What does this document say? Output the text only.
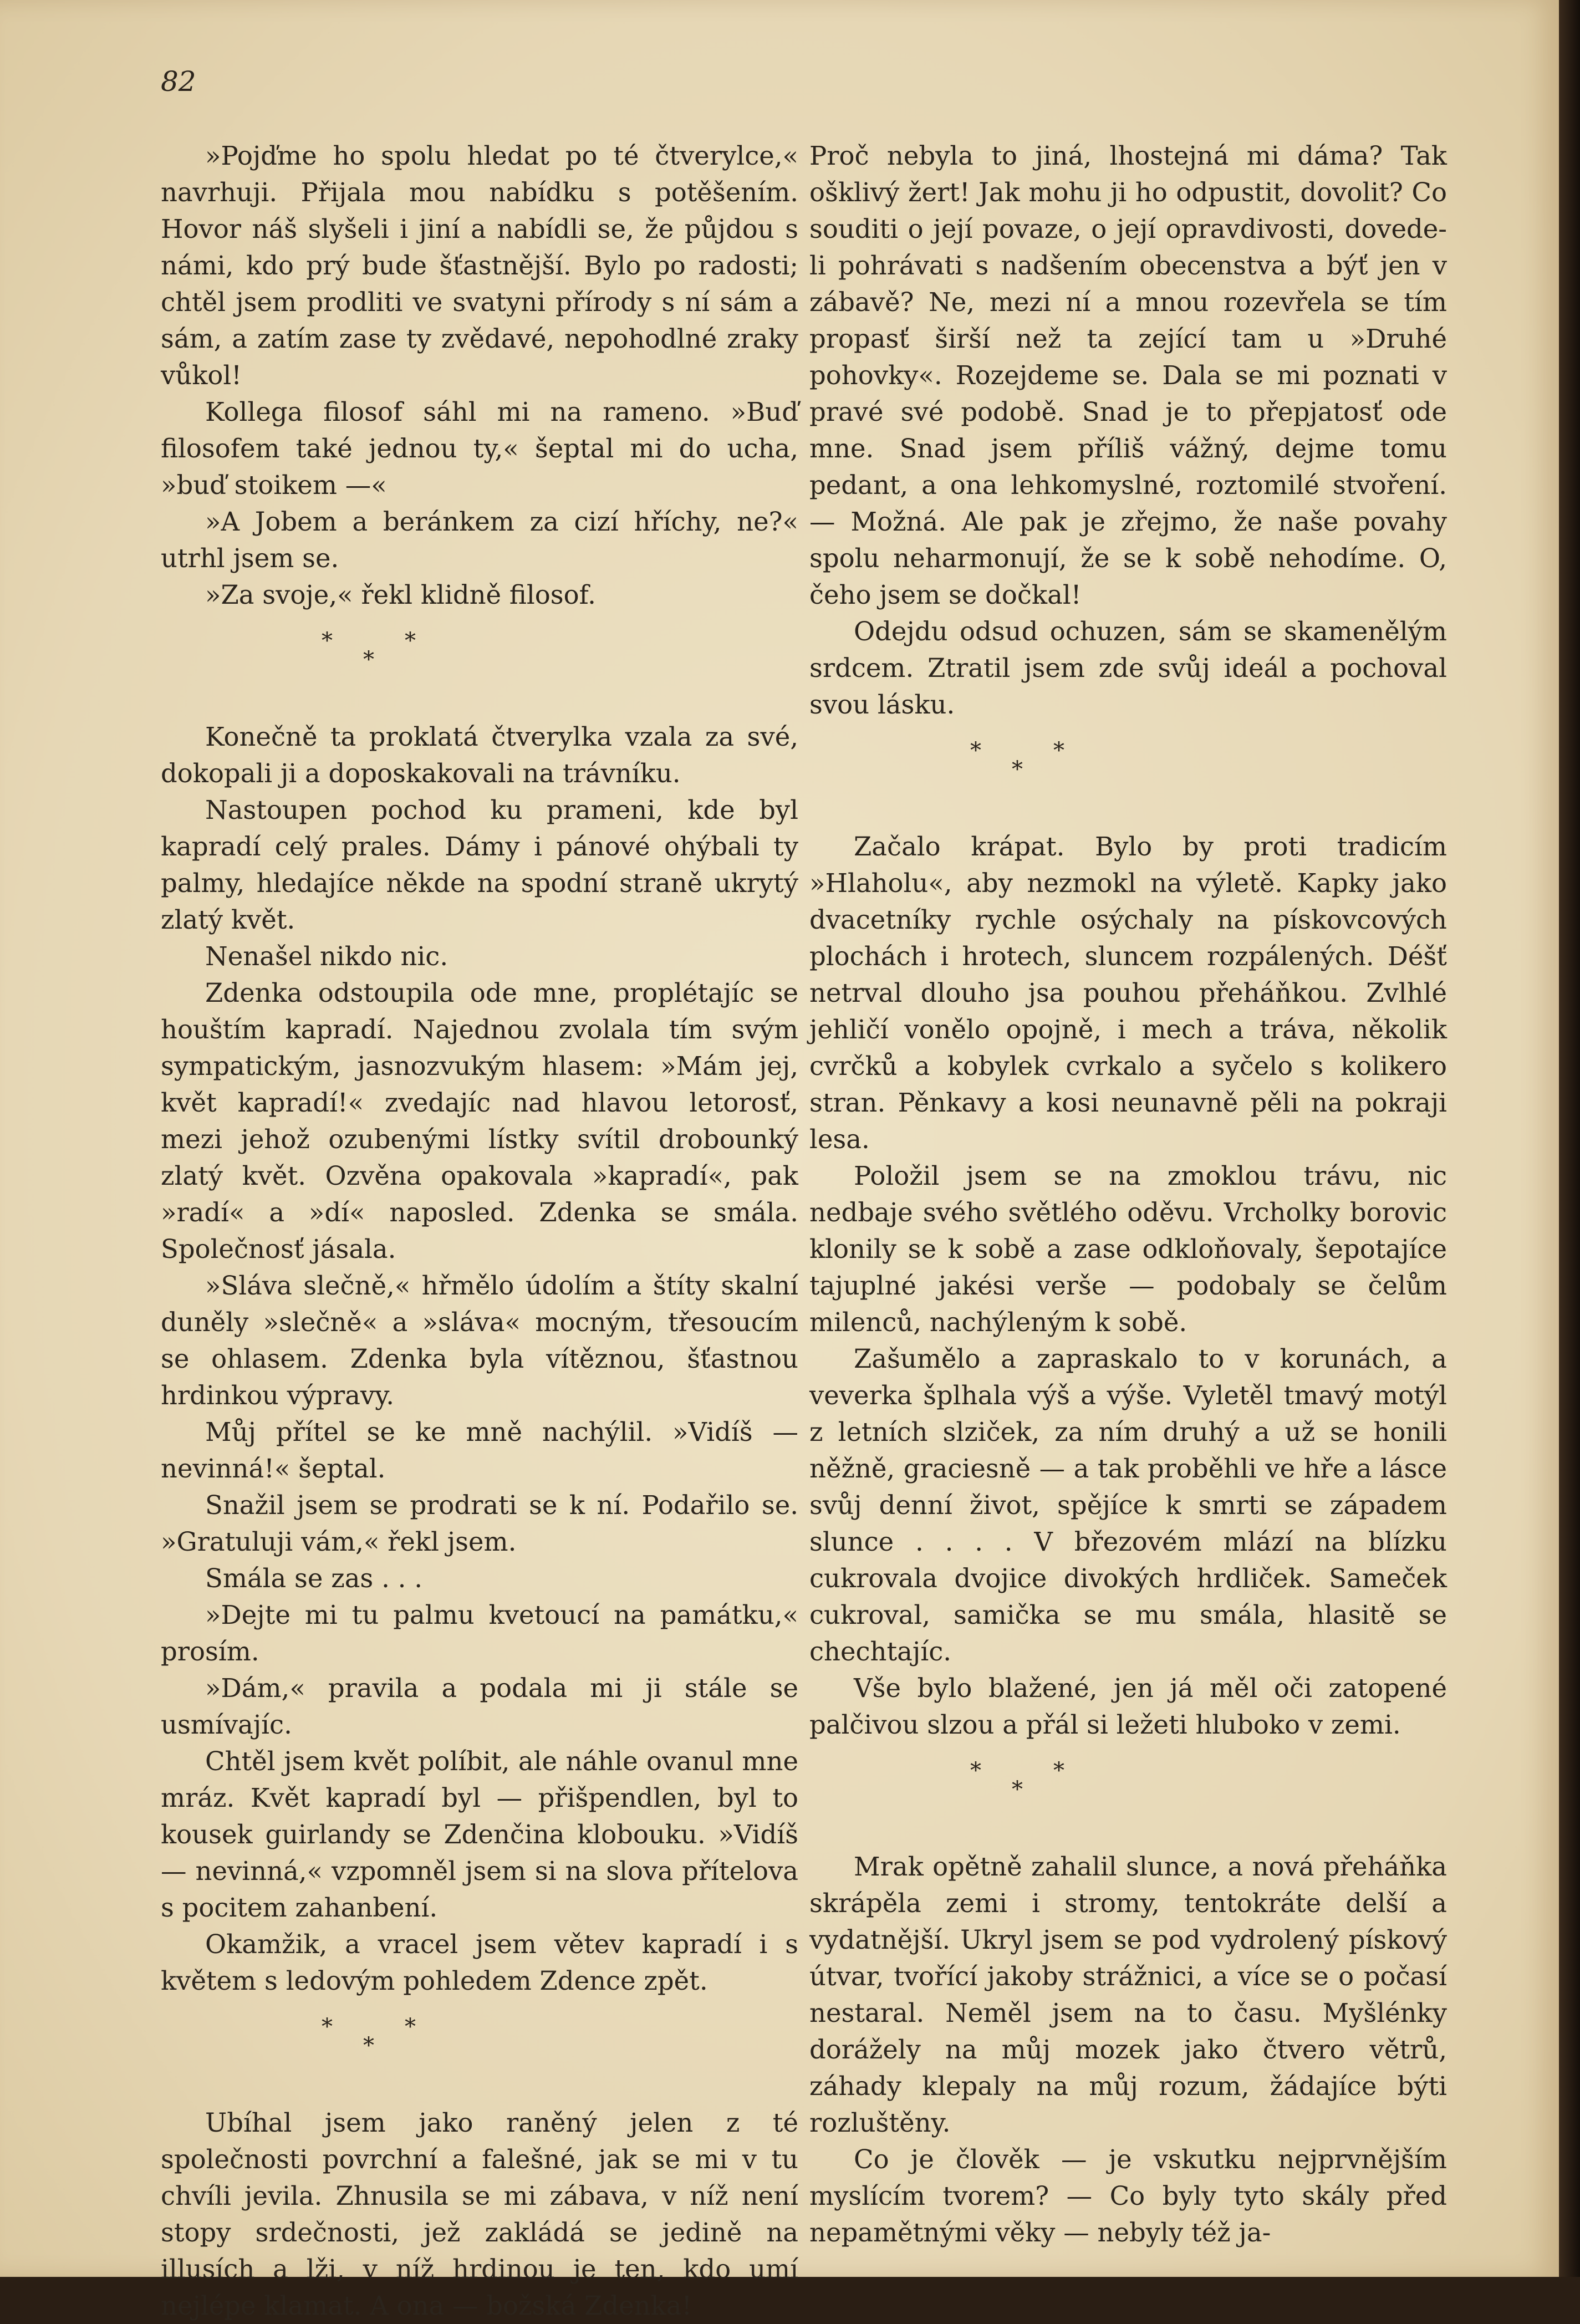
82

»Pojďme ho spolu hledat po té čtverylce,« navrhuji. Přijala mou nabídku s potěšením. Hovor náš slyšeli i jiní a nabídli se, že půjdou s námi, kdo prý bude šťastnější. Bylo po radosti; chtěl jsem prodliti ve svatyni přírody s ní sám a sám, a zatím zase ty zvědavé, nepohodlné zraky vůkol!

Kollega filosof sáhl mi na rameno. »Buď filosofem také jednou ty,« šeptal mi do ucha, »buď stoikem —«

»A Jobem a beránkem za cizí hříchy, ne?« utrhl jsem se.

»Za svoje,« řekl klidně filosof.

*
*
*

Konečně ta proklatá čtverylka vzala za své, dokopali ji a doposkakovali na trávníku.

Nastoupen pochod ku prameni, kde byl kapradí celý prales. Dámy i pánové ohýbali ty palmy, hledajíce někde na spodní straně ukrytý zlatý květ.

Nenašel nikdo nic.

Zdenka odstoupila ode mne, proplétajíc se houštím kapradí. Najednou zvolala tím svým sympatickým, jasnozvukým hlasem: »Mám jej, květ kapradí!« zvedajíc nad hlavou letorosť, mezi jehož ozubenými lístky svítil drobounký zlatý květ. Ozvěna opakovala »kapradí«, pak »radí« a »dí« naposled. Zdenka se smála. Společnosť jásala.

»Sláva slečně,« hřmělo údolím a štíty skalní duněly »slečně« a »sláva« mocným, třesoucím se ohlasem. Zdenka byla vítěznou, šťastnou hrdinkou výpravy.

Můj přítel se ke mně nachýlil. »Vidíš — nevinná!« šeptal.

Snažil jsem se prodrati se k ní. Podařilo se. »Gratuluji vám,« řekl jsem.

Smála se zas . . .

»Dejte mi tu palmu kvetoucí na památku,« prosím.

»Dám,« pravila a podala mi ji stále se usmívajíc.

Chtěl jsem květ políbit, ale náhle ovanul mne mráz. Květ kapradí byl — přišpendlen, byl to kousek guirlandy se Zdenčina klobouku. »Vidíš — nevinná,« vzpomněl jsem si na slova přítelova s pocitem zahanbení.

Okamžik, a vracel jsem větev kapradí i s květem s ledovým pohledem Zdence zpět.

*
*
*

Ubíhal jsem jako raněný jelen z té společnosti povrchní a falešné, jak se mi v tu chvíli jevila. Zhnusila se mi zábava, v níž není stopy srdečnosti, jež zakládá se jedině na illusích a lži, v níž hrdinou je ten, kdo umí nejlépe klamat. A ona — božská Zdenka!

Proč nebyla to jiná, lhostejná mi dáma? Tak ošklivý žert! Jak mohu ji ho odpustit, dovolit? Co souditi o její povaze, o její opravdivosti, dovede-li pohrávati s nadšením obecenstva a býť jen v zábavě? Ne, mezi ní a mnou rozevřela se tím propasť širší než ta zející tam u »Druhé pohovky«. Rozejdeme se. Dala se mi poznati v pravé své podobě. Snad je to přepjatosť ode mne. Snad jsem příliš vážný, dejme tomu pedant, a ona lehkomyslné, roztomilé stvoření. — Možná. Ale pak je zřejmo, že naše povahy spolu neharmonují, že se k sobě nehodíme. O, čeho jsem se dočkal!

Odejdu odsud ochuzen, sám se skamenělým srdcem. Ztratil jsem zde svůj ideál a pochoval svou lásku.

*
*
*

Začalo krápat. Bylo by proti tradicím »Hlaholu«, aby nezmokl na výletě. Kapky jako dvacetníky rychle osýchaly na pískovcových plochách i hrotech, sluncem rozpálených. Déšť netrval dlouho jsa pouhou přeháňkou. Zvlhlé jehličí vonělo opojně, i mech a tráva, několik cvrčků a kobylek cvrkalo a syčelo s kolikero stran. Pěnkavy a kosi neunavně pěli na pokraji lesa.

Položil jsem se na zmoklou trávu, nic nedbaje svého světlého oděvu. Vrcholky borovic klonily se k sobě a zase odkloňovaly, šepotajíce tajuplné jakési verše — podobaly se čelům milenců, nachýleným k sobě.

Zašumělo a zapraskalo to v korunách, a veverka šplhala výš a výše. Vyletěl tmavý motýl z letních slziček, za ním druhý a už se honili něžně, graciesně — a tak proběhli ve hře a lásce svůj denní život, spějíce k smrti se západem slunce . . . . V březovém mlází na blízku cukrovala dvojice divokých hrdliček. Sameček cukroval, samička se mu smála, hlasitě se chechtajíc.

Vše bylo blažené, jen já měl oči zatopené palčivou slzou a přál si ležeti hluboko v zemi.

*
*
*

Mrak opětně zahalil slunce, a nová přeháňka skrápěla zemi i stromy, tentokráte delší a vydatnější. Ukryl jsem se pod vydrolený pískový útvar, tvořící jakoby strážnici, a více se o počasí nestaral. Neměl jsem na to času. Myšlénky dorážely na můj mozek jako čtvero větrů, záhady klepaly na můj rozum, žádajíce býti rozluštěny.

Co je člověk — je vskutku nejprvnějším myslícím tvorem? — Co byly tyto skály před nepamětnými věky — nebyly též ja-
